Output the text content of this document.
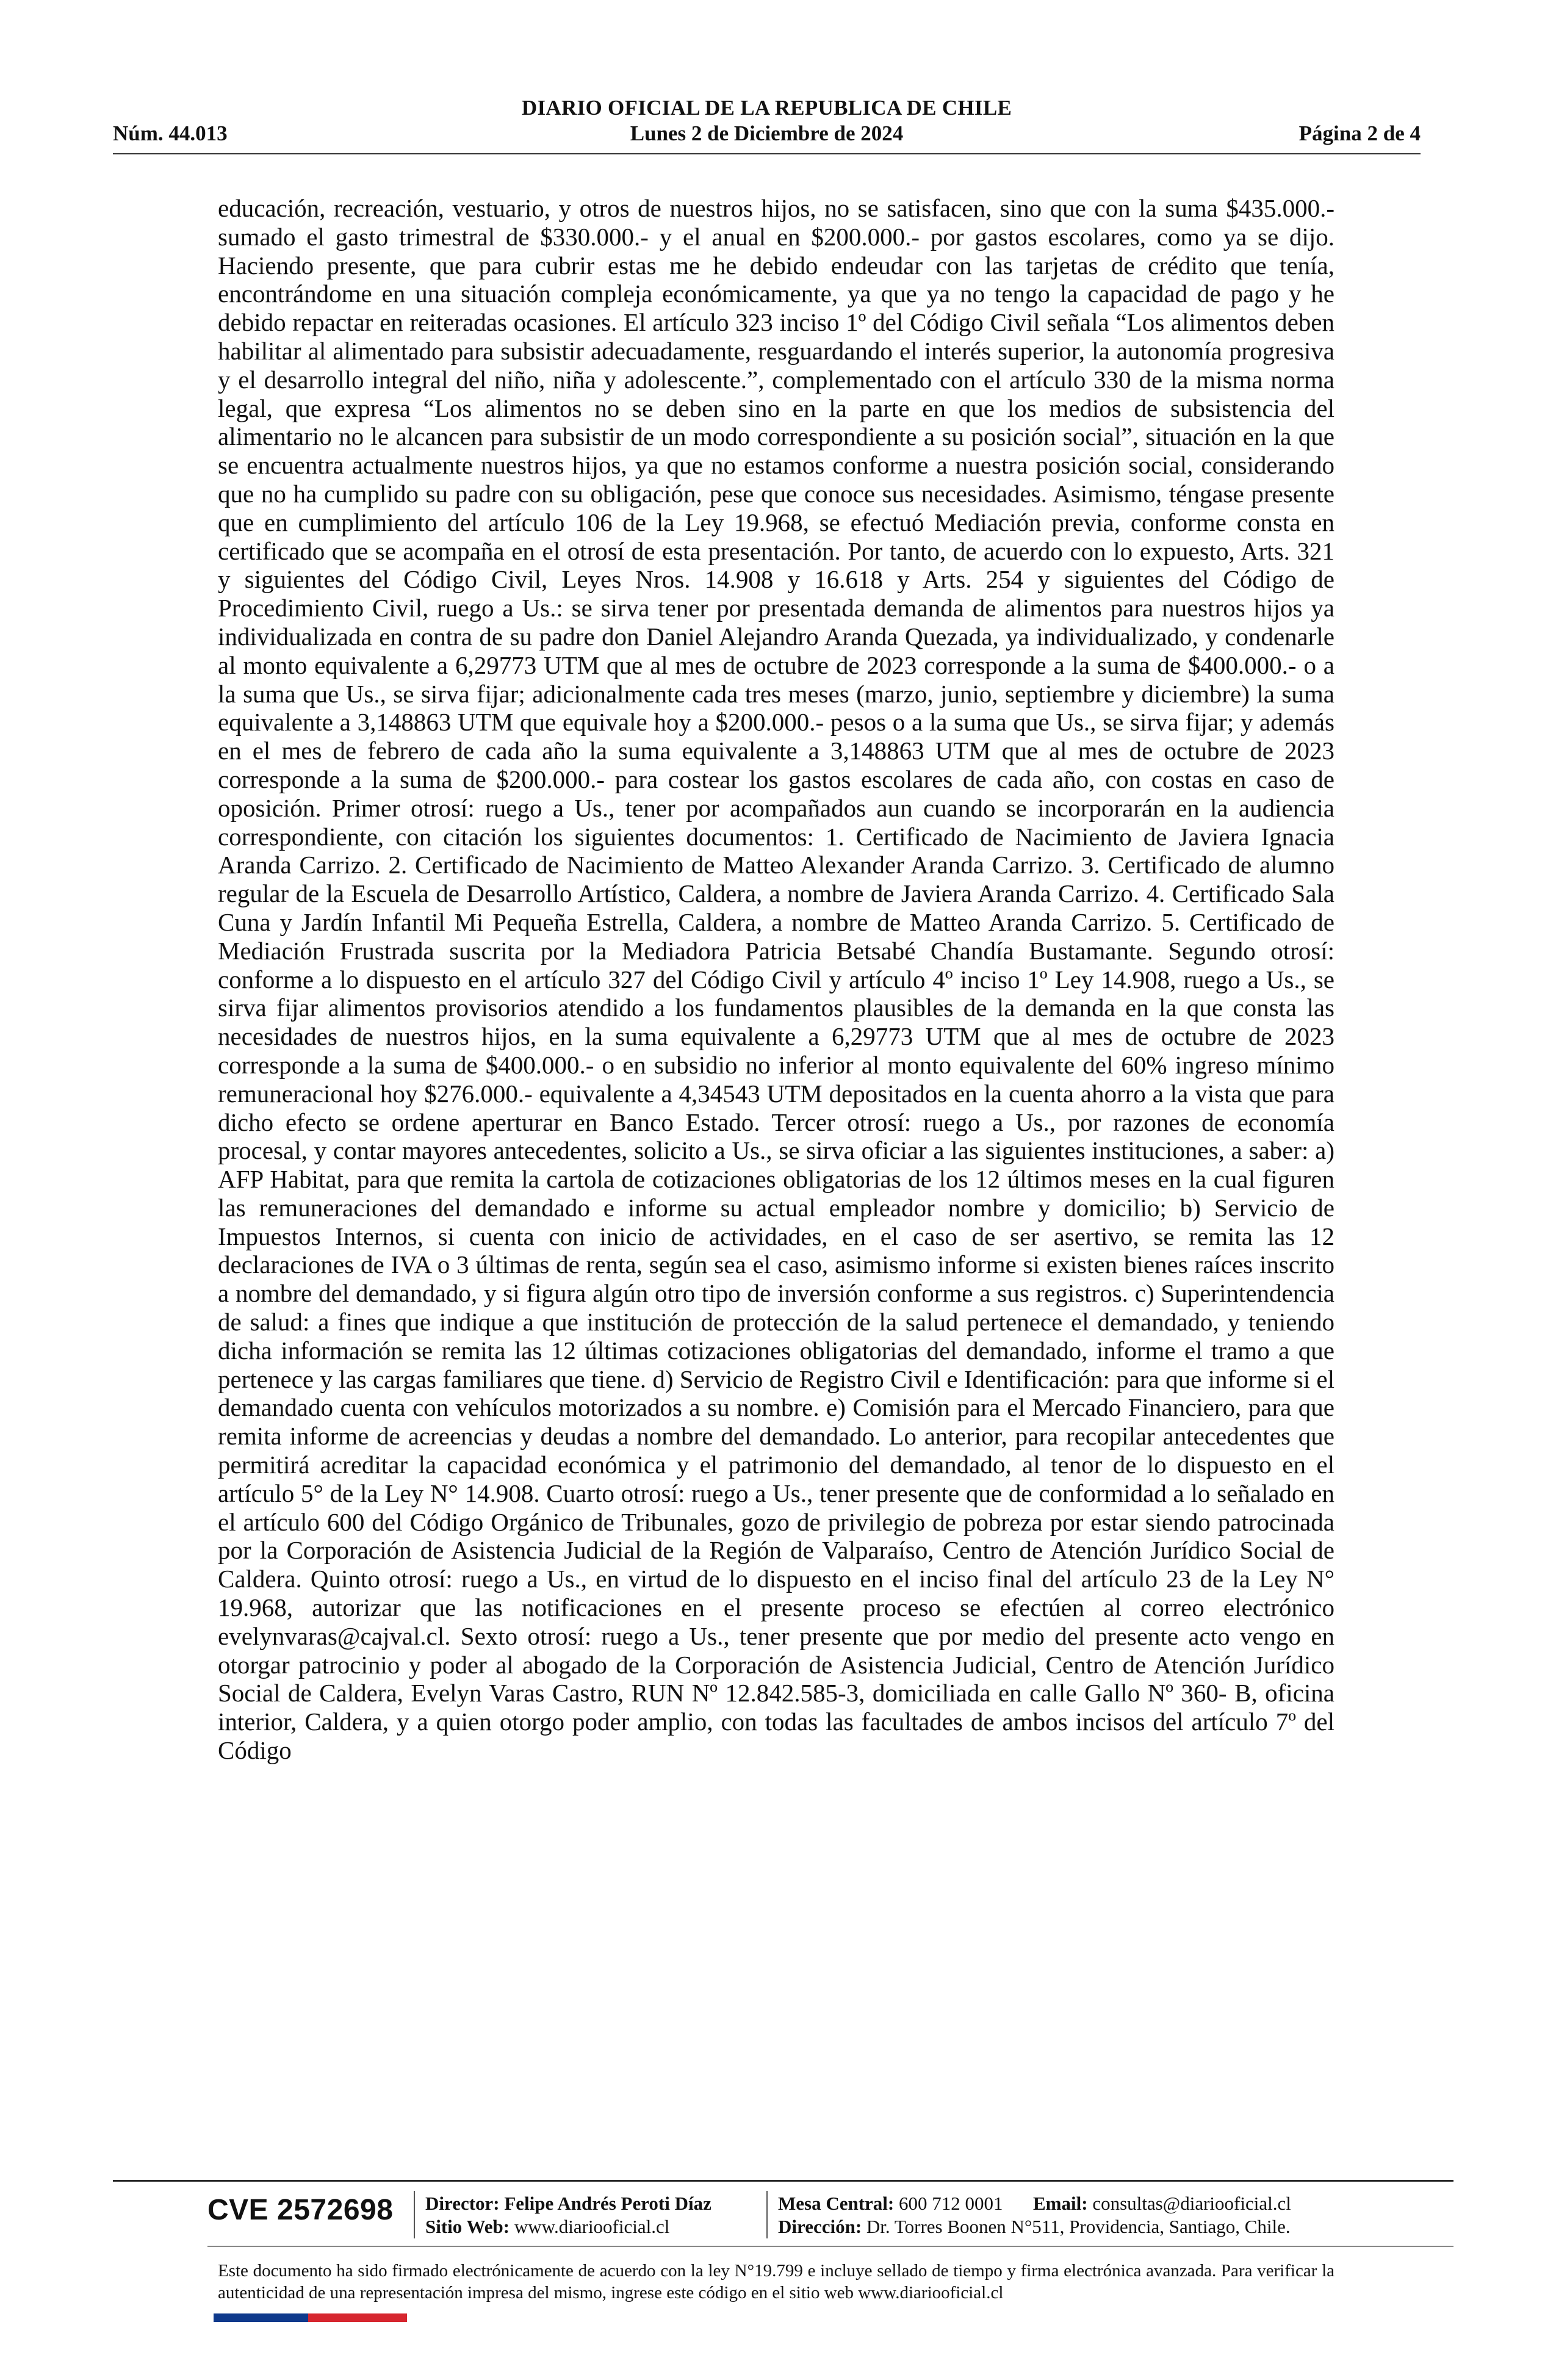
DIARIO OFICIAL DE LA REPUBLICA DE CHILE
Núm. 44.013	Lunes 2 de Diciembre de 2024	Página 2 de 4

educación, recreación, vestuario, y otros de nuestros hijos, no se satisfacen, sino que con la suma $435.000.- sumado el gasto trimestral de $330.000.- y el anual en $200.000.- por gastos escolares, como ya se dijo. Haciendo presente, que para cubrir estas me he debido endeudar con las tarjetas de crédito que tenía, encontrándome en una situación compleja económicamente, ya que ya no tengo la capacidad de pago y he debido repactar en reiteradas ocasiones. El artículo 323 inciso 1º del Código Civil señala “Los alimentos deben habilitar al alimentado para subsistir adecuadamente, resguardando el interés superior, la autonomía progresiva y el desarrollo integral del niño, niña y adolescente.”, complementado con el artículo 330 de la misma norma legal, que expresa “Los alimentos no se deben sino en la parte en que los medios de subsistencia del alimentario no le alcancen para subsistir de un modo correspondiente a su posición social”, situación en la que se encuentra actualmente nuestros hijos, ya que no estamos conforme a nuestra posición social, considerando que no ha cumplido su padre con su obligación, pese que conoce sus necesidades. Asimismo, téngase presente que en cumplimiento del artículo 106 de la Ley 19.968, se efectuó Mediación previa, conforme consta en certificado que se acompaña en el otrosí de esta presentación. Por tanto, de acuerdo con lo expuesto, Arts. 321 y siguientes del Código Civil, Leyes Nros. 14.908 y 16.618 y Arts. 254 y siguientes del Código de Procedimiento Civil, ruego a Us.: se sirva tener por presentada demanda de alimentos para nuestros hijos ya individualizada en contra de su padre don Daniel Alejandro Aranda Quezada, ya individualizado, y condenarle al monto equivalente a 6,29773 UTM que al mes de octubre de 2023 corresponde a la suma de $400.000.- o a la suma que Us., se sirva fijar; adicionalmente cada tres meses (marzo, junio, septiembre y diciembre) la suma equivalente a 3,148863 UTM que equivale hoy a $200.000.- pesos o a la suma que Us., se sirva fijar; y además en el mes de febrero de cada año la suma equivalente a 3,148863 UTM que al mes de octubre de 2023 corresponde a la suma de $200.000.- para costear los gastos escolares de cada año, con costas en caso de oposición. Primer otrosí: ruego a Us., tener por acompañados aun cuando se incorporarán en la audiencia correspondiente, con citación los siguientes documentos: 1. Certificado de Nacimiento de Javiera Ignacia Aranda Carrizo. 2. Certificado de Nacimiento de Matteo Alexander Aranda Carrizo. 3. Certificado de alumno regular de la Escuela de Desarrollo Artístico, Caldera, a nombre de Javiera Aranda Carrizo. 4. Certificado Sala Cuna y Jardín Infantil Mi Pequeña Estrella, Caldera, a nombre de Matteo Aranda Carrizo. 5. Certificado de Mediación Frustrada suscrita por la Mediadora Patricia Betsabé Chandía Bustamante. Segundo otrosí: conforme a lo dispuesto en el artículo 327 del Código Civil y artículo 4º inciso 1º Ley 14.908, ruego a Us., se sirva fijar alimentos provisorios atendido a los fundamentos plausibles de la demanda en la que consta las necesidades de nuestros hijos, en la suma equivalente a 6,29773 UTM que al mes de octubre de 2023 corresponde a la suma de $400.000.- o en subsidio no inferior al monto equivalente del 60% ingreso mínimo remuneracional hoy $276.000.- equivalente a 4,34543 UTM depositados en la cuenta ahorro a la vista que para dicho efecto se ordene aperturar en Banco Estado. Tercer otrosí: ruego a Us., por razones de economía procesal, y contar mayores antecedentes, solicito a Us., se sirva oficiar a las siguientes instituciones, a saber: a) AFP Habitat, para que remita la cartola de cotizaciones obligatorias de los 12 últimos meses en la cual figuren las remuneraciones del demandado e informe su actual empleador nombre y domicilio; b) Servicio de Impuestos Internos, si cuenta con inicio de actividades, en el caso de ser asertivo, se remita las 12 declaraciones de IVA o 3 últimas de renta, según sea el caso, asimismo informe si existen bienes raíces inscrito a nombre del demandado, y si figura algún otro tipo de inversión conforme a sus registros. c) Superintendencia de salud: a fines que indique a que institución de protección de la salud pertenece el demandado, y teniendo dicha información se remita las 12 últimas cotizaciones obligatorias del demandado, informe el tramo a que pertenece y las cargas familiares que tiene. d) Servicio de Registro Civil e Identificación: para que informe si el demandado cuenta con vehículos motorizados a su nombre. e) Comisión para el Mercado Financiero, para que remita informe de acreencias y deudas a nombre del demandado. Lo anterior, para recopilar antecedentes que permitirá acreditar la capacidad económica y el patrimonio del demandado, al tenor de lo dispuesto en el artículo 5° de la Ley N° 14.908. Cuarto otrosí: ruego a Us., tener presente que de conformidad a lo señalado en el artículo 600 del Código Orgánico de Tribunales, gozo de privilegio de pobreza por estar siendo patrocinada por la Corporación de Asistencia Judicial de la Región de Valparaíso, Centro de Atención Jurídico Social de Caldera. Quinto otrosí: ruego a Us., en virtud de lo dispuesto en el inciso final del artículo 23 de la Ley N° 19.968, autorizar que las notificaciones en el presente proceso se efectúen al correo electrónico evelynvaras@cajval.cl. Sexto otrosí: ruego a Us., tener presente que por medio del presente acto vengo en otorgar patrocinio y poder al abogado de la Corporación de Asistencia Judicial, Centro de Atención Jurídico Social de Caldera, Evelyn Varas Castro, RUN Nº 12.842.585-3, domiciliada en calle Gallo Nº 360- B, oficina interior, Caldera, y a quien otorgo poder amplio, con todas las facultades de ambos incisos del artículo 7º del Código

CVE 2572698 Director: Felipe Andrés Peroti Díaz
Sitio Web: www.diariooficial.cl
Mesa Central: 600 712 0001 Email: consultas@diariooficial.cl
Dirección: Dr. Torres Boonen N°511, Providencia, Santiago, Chile.

Este documento ha sido firmado electrónicamente de acuerdo con la ley N°19.799 e incluye sellado de tiempo y firma electrónica avanzada. Para verificar la autenticidad de una representación impresa del mismo, ingrese este código en el sitio web www.diariooficial.cl
